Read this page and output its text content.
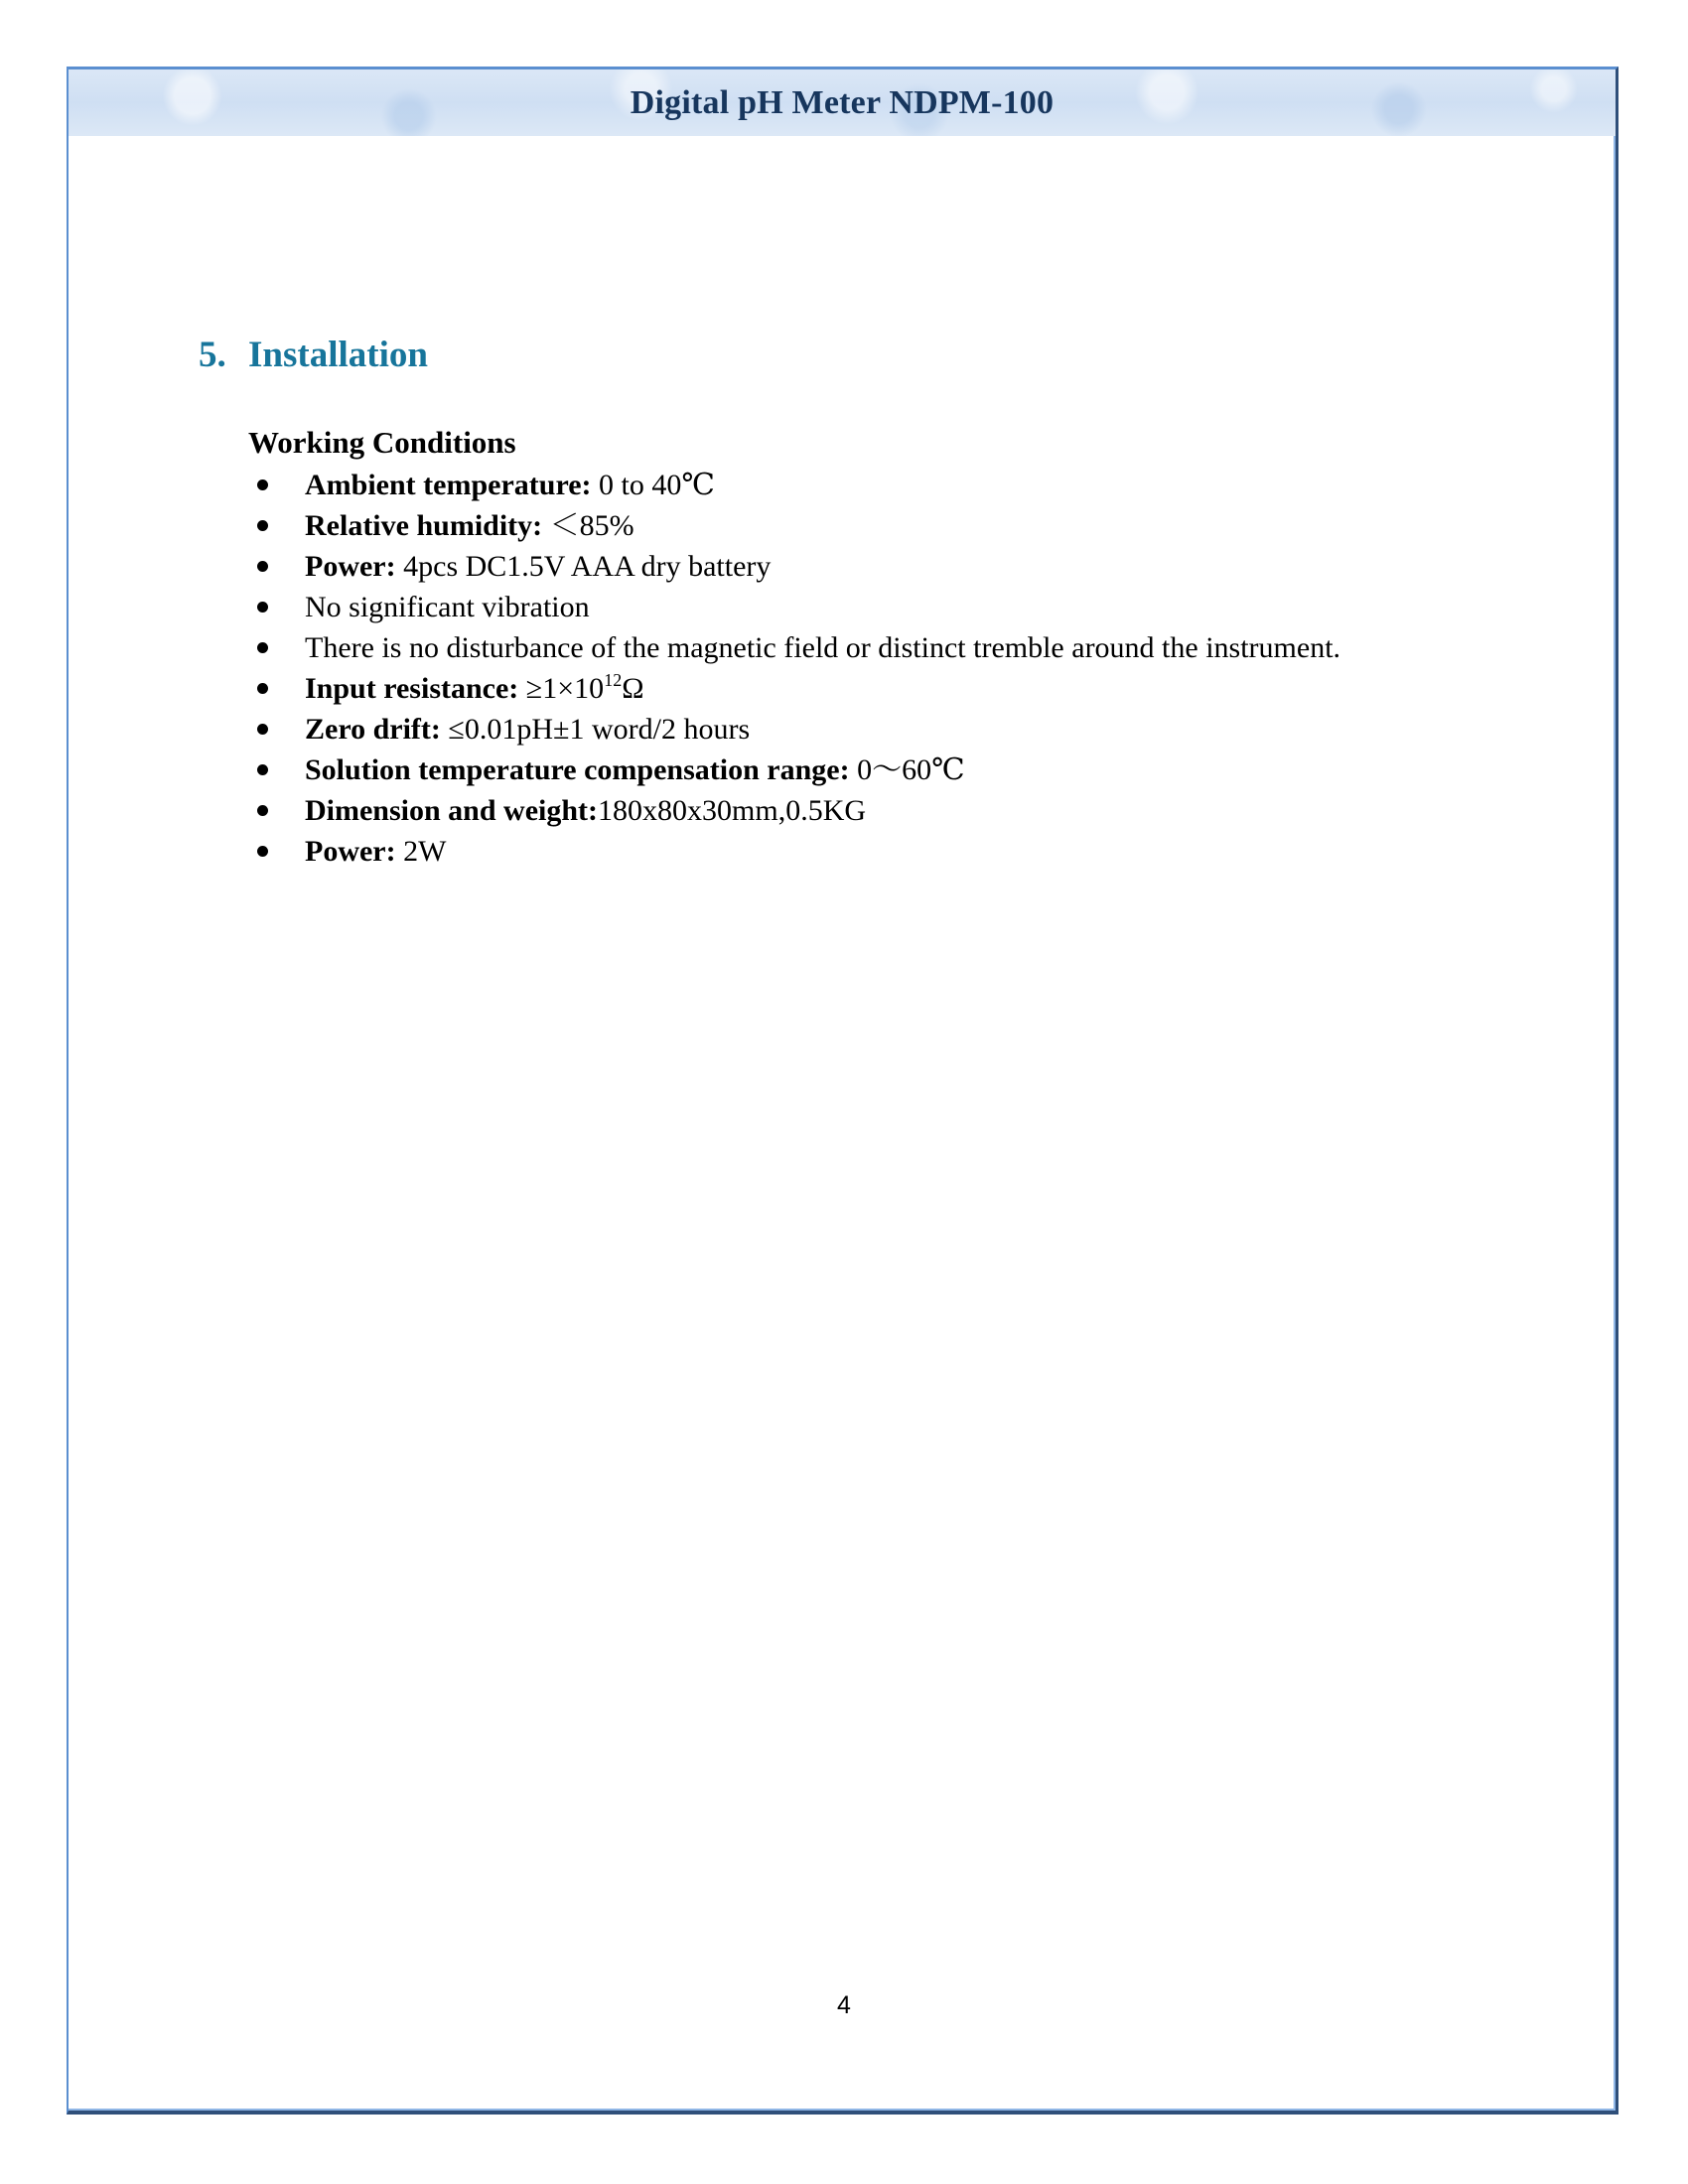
Digital pH Meter NDPM-100
5. Installation
Working Conditions
Ambient temperature: 0 to 40℃
Relative humidity: ＜85%
Power: 4pcs DC1.5V AAA dry battery
No significant vibration
There is no disturbance of the magnetic field or distinct tremble around the instrument.
Input resistance: $\ge 1\times 10^{12}\Omega$
Zero drift: ≤0.01pH±1 word/2 hours
Solution temperature compensation range: 0～60℃
Dimension and weight:180x80x30mm,0.5KG
Power: 2W
4
